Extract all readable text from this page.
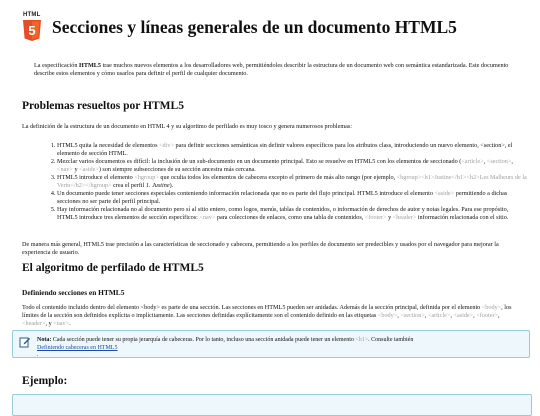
HTML
5 Secciones y líneas generales de un documento HTML5

La especificación HTML5 trae muchos nuevos elementos a los desarrolladores web, permitiéndoles describir la estructura de un documento web con semántica estandarizada. Este documento describe estos elementos y cómo usarlos para definir el perfil de cualquier documento.

Problemas resueltos por HTML5

La definición de la estructura de un documento en HTML 4 y su algoritmo de perfilado es muy tosco y genera numerosos problemas:

1. HTML5 quita la necesidad de elementos <div> para definir secciones semánticas sin definir valores específicos para los atributos class, introduciendo un nuevo elemento, <section>, el elemento de sección HTML.
2. Mezclar varios documentos es difícil: la inclusión de un sub-documento en un documento principal. Esto se resuelve en HTML5 con los elementos de seccionado (<article>, <section>, <nav> y <aside>) son siempre subsecciones de su sección ancestra más cercana.
3. HTML5 introduce el elemento <hgroup> que oculta todos los elementos de cabecera excepto el primero de más alto rango (por ejemplo, <hgroup><h1>Justine</h1><h2>Les Malheurs de la Vertu</h2></hgroup> crea el perfil 1. Justine).
4. Un documento puede tener secciones especiales conteniendo información relacionada que no es parte del flujo principal. HTML5 introduce el elemento <aside> permitiendo a dichas secciones no ser parte del perfil principal.
5. Hay información relacionada no al documento pero sí al sitio entero, como logos, menús, tablas de contenidos, o información de derechos de autor y notas legales. Para ese propósito, HTML5 introduce tres elementos de sección específicos: <nav> para colecciones de enlaces, como una tabla de contenidos, <footer> y <header> información relacionada con el sitio.

De manera más general, HTML5 trae precisión a las características de seccionado y cabecera, permitiendo a los perfiles de documento ser predecibles y usados por el navegador para mejorar la experiencia de usuario.

El algoritmo de perfilado de HTML5
Definiendo secciones en HTML5

Todo el contenido incluido dentro del elemento <body> es parte de una sección. Las secciones en HTML5 pueden ser anidadas. Además de la sección principal, definida por el elemento <body>, los límites de la sección son definidos explícita o implícitamente. Las secciones definidas explícitamente son el contenido definido en las etiquetas <body>, <section>, <article>, <aside>, <footer>, <header>, y <nav>.

Nota: Cada sección puede tener su propia jerarquía de cabeceras. Por lo tanto, incluso una sección anidada puede tener un elemento <h1>. Consulte también
Definiendo cabeceras en HTML5
.
Ejemplo:
